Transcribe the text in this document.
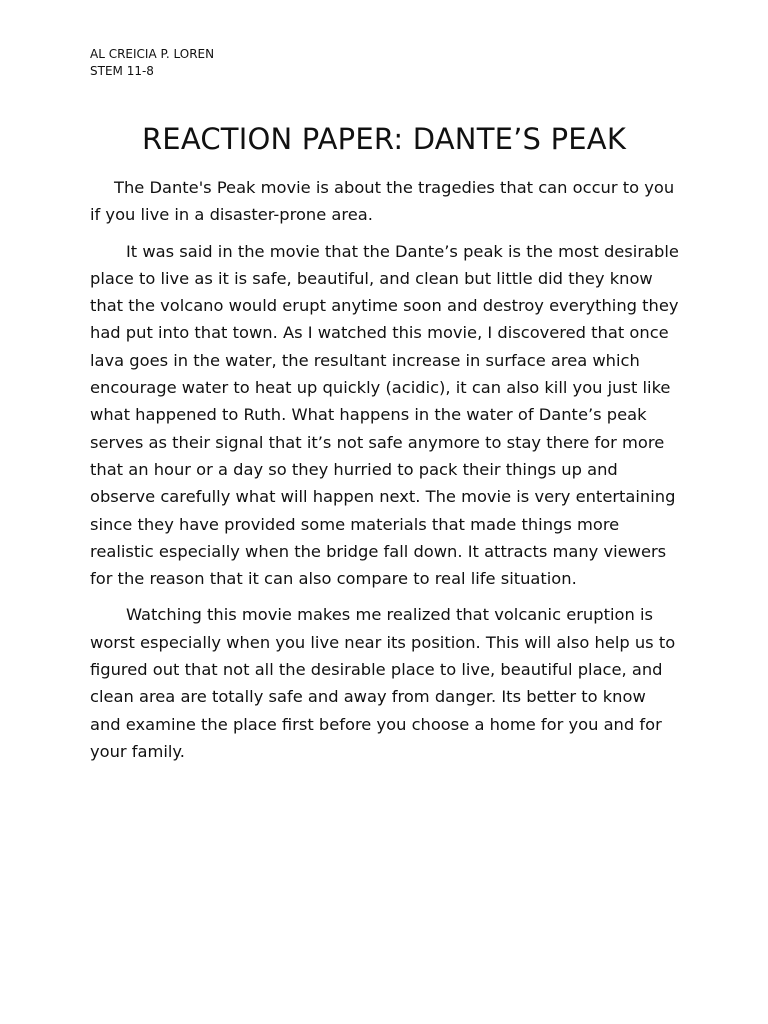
AL CREICIA P. LOREN
STEM 11-8
REACTION PAPER: DANTE’S PEAK

The Dante's Peak movie is about the tragedies that can occur to you if you live in a disaster-prone area.

It was said in the movie that the Dante’s peak is the most desirable place to live as it is safe, beautiful, and clean but little did they know that the volcano would erupt anytime soon and destroy everything they had put into that town. As I watched this movie, I discovered that once lava goes in the water, the resultant increase in surface area which encourage water to heat up quickly (acidic), it can also kill you just like what happened to Ruth. What happens in the water of Dante’s peak serves as their signal that it’s not safe anymore to stay there for more that an hour or a day so they hurried to pack their things up and observe carefully what will happen next. The movie is very entertaining since they have provided some materials that made things more realistic especially when the bridge fall down. It attracts many viewers for the reason that it can also compare to real life situation.

Watching this movie makes me realized that volcanic eruption is worst especially when you live near its position. This will also help us to figured out that not all the desirable place to live, beautiful place, and clean area are totally safe and away from danger. Its better to know and examine the place first before you choose a home for you and for your family.
